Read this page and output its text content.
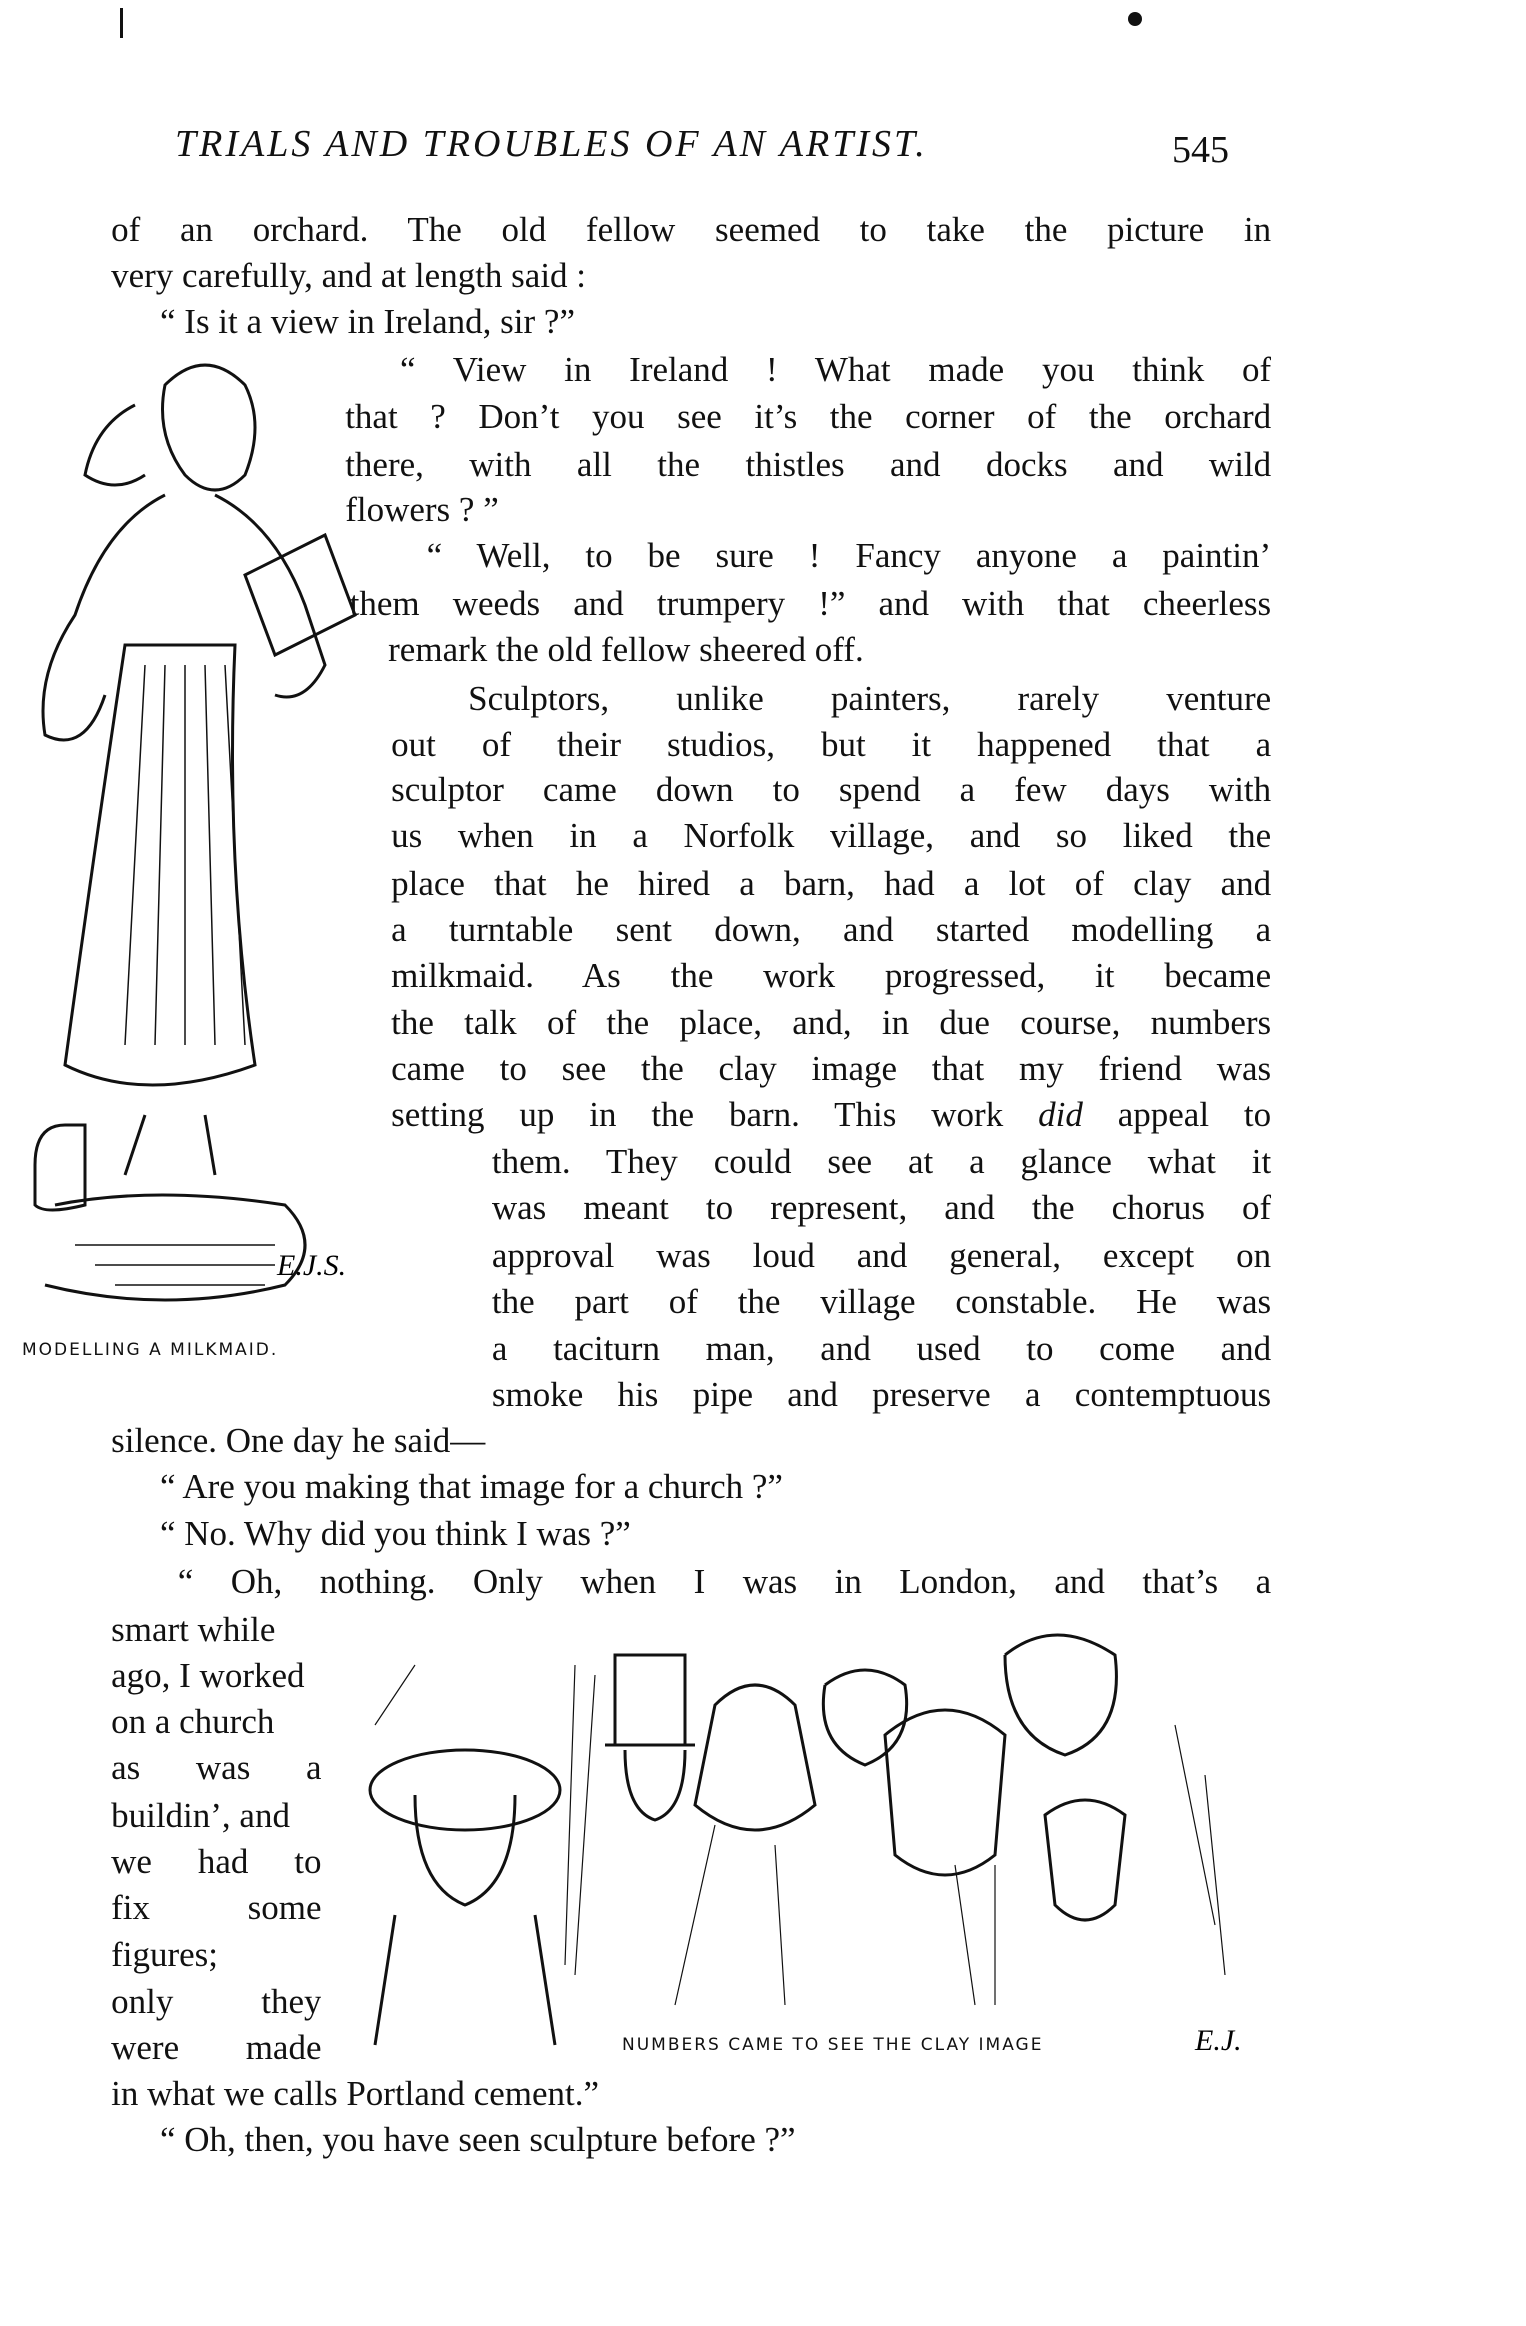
TRIALS AND TROUBLES OF AN ARTIST.	545
of an orchard. The old fellow seemed to take the picture in
very carefully, and at length said :
“ Is it a view in Ireland, sir ?”
“ View in Ireland ! What made you think of
that ? Don’t you see it’s the corner of the orchard
there, with all the thistles and docks and wild
flowers ? ”
“ Well, to be sure ! Fancy anyone a paintin’
them weeds and trumpery !” and with that cheerless
remark the old fellow sheered off.
Sculptors, unlike painters, rarely venture
out of their studios, but it happened that a
sculptor came down to spend a few days with
us when in a Norfolk village, and so liked the
place that he hired a barn, had a lot of clay and
a turntable sent down, and started modelling a
milkmaid. As the work progressed, it became
the talk of the place, and, in due course, numbers
came to see the clay image that my friend was
setting up in the barn. This work did appeal to
them. They could see at a glance what it
was meant to represent, and the chorus of
approval was loud and general, except on
the part of the village constable. He was
a taciturn man, and used to come and
smoke his pipe and preserve a contemptuous
silence. One day he said—
“ Are you making that image for a church ?”
“ No. Why did you think I was ?”
“ Oh, nothing. Only when I was in London, and that’s a
smart while
ago, I worked
on a church
as was a
buildin’, and
we had to
fix some
figures;
only they
were made
in what we calls Portland cement.”
“ Oh, then, you have seen sculpture before ?”
E.J.S.
MODELLING A MILKMAID.
E.J.
NUMBERS CAME TO SEE THE CLAY IMAGE
